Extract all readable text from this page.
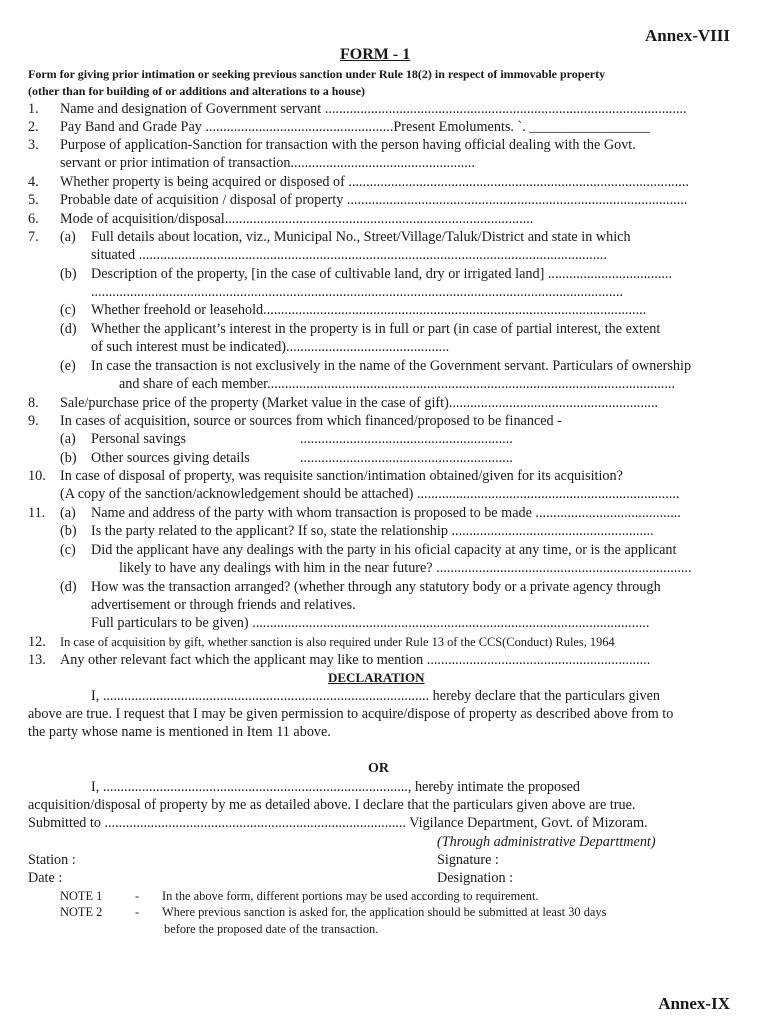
Annex-VIII
FORM - 1
Form for giving prior intimation or seeking previous sanction under Rule 18(2) in respect of immovable property
(other than for building of or additions and alterations to a house)
1. Name and designation of Government servant ......................................................................................................
2. Pay Band and Grade Pay .....................................................Present Emoluments. `. _________________
3. Purpose of application-Sanction for transaction with the person having official dealing with the Govt.
servant or prior intimation of transaction....................................................
4. Whether property is being acquired or disposed of ................................................................................................
5. Probable date of acquisition / disposal of property ................................................................................................
6. Mode of acquisition/disposal.......................................................................................
7. (a) Full details about location, viz., Municipal No., Street/Village/Taluk/District and state in which
situated ....................................................................................................................................
(b) Description of the property, [in the case of cultivable land, dry or irrigated land] ...................................
......................................................................................................................................................
(c) Whether freehold or leasehold............................................................................................................
(d) Whether the applicant’s interest in the property is in full or part (in case of partial interest, the extent
of such interest must be indicated)..............................................
(e) In case the transaction is not exclusively in the name of the Government servant. Particulars of ownership
and share of each member...................................................................................................................
8. Sale/purchase price of the property (Market value in the case of gift)...........................................................
9. In cases of acquisition, source or sources from which financed/proposed to be financed -
(a) Personal savings	............................................................
(b) Other sources giving details	............................................................
10. In case of disposal of property, was requisite sanction/intimation obtained/given for its acquisition?
(A copy of the sanction/acknowledgement should be attached) ..........................................................................
11. (a) Name and address of the party with whom transaction is proposed to be made .........................................
(b) Is the party related to the applicant? If so, state the relationship .........................................................
(c) Did the applicant have any dealings with the party in his oficial capacity at any time, or is the applicant
likely to have any dealings with him in the near future? ........................................................................
(d) How was the transaction arranged? (whether through any statutory body or a private agency through
advertisement or through friends and relatives.
Full particulars to be given) ................................................................................................................
12. In case of acquisition by gift, whether sanction is also required under Rule 13 of the CCS(Conduct) Rules, 1964
13. Any other relevant fact which the applicant may like to mention ...............................................................
DECLARATION
I, ............................................................................................ hereby declare that the particulars given
above are true. I request that I may be given permission to acquire/dispose of property as described above from to
the party whose name is mentioned in Item 11 above.
OR
I, ......................................................................................, hereby intimate the proposed
acquisition/disposal of property by me as detailed above. I declare that the particulars given above are true.
Submitted to ..................................................................................... Vigilance Department, Govt. of Mizoram.
(Through administrative Departtment)
Station :	Signature :
Date :	Designation :
NOTE 1	- In the above form, different portions may be used according to requirement.
NOTE 2	- Where previous sanction is asked for, the application should be submitted at least 30 days
before the proposed date of the transaction.
Annex-IX
